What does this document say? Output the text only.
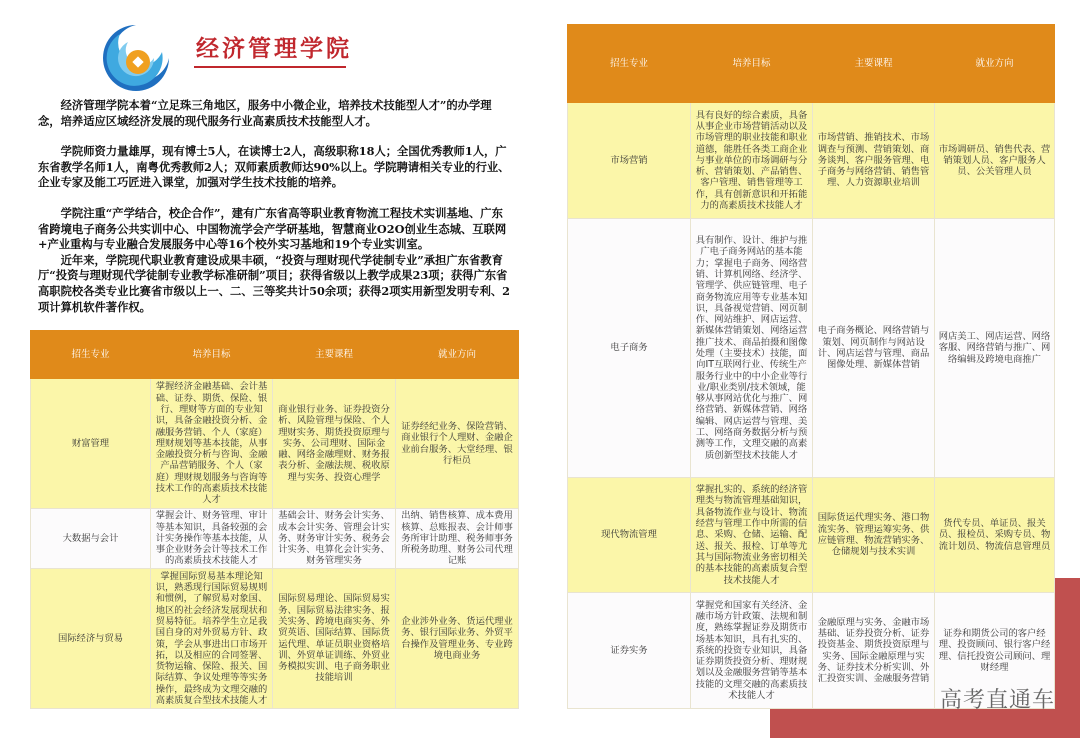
经济管理学院

经济管理学院本着“立足珠三角地区，服务中小微企业，培养技术技能型人才”的办学理念，培养适应区域经济发展的现代服务行业高素质技术技能型人才。

学院师资力量雄厚，现有博士5人，在读博士2人，高级职称18人；全国优秀教师1人，广东省教学名师1人，南粤优秀教师2人；双师素质教师达90%以上。学院聘请相关专业的行业、企业专家及能工巧匠进入课堂，加强对学生技术技能的培养。

学院注重“产学结合，校企合作”，建有广东省高等职业教育物流工程技术实训基地、广东省跨境电子商务公共实训中心、中国物流学会产学研基地，智慧商业O2O创业生态城、互联网+产业重构与专业融合发展服务中心等16个校外实习基地和19个专业实训室。

近年来，学院现代职业教育建设成果丰硕，“投资与理财现代学徒制专业”承担广东省教育厅“投资与理财现代学徒制专业教学标准研制”项目；获得省级以上教学成果23项；获得广东省高职院校各类专业比赛省市级以上一、二、三等奖共计50余项；获得2项实用新型发明专利、2项计算机软件著作权。

招生专业	培养目标	主要课程	就业方向
财富管理	掌握经济金融基础、会计基础、证券、期货、保险、银行、理财等方面的专业知识，具备金融投资分析、金融服务营销、个人（家庭）理财规划等基本技能，从事金融投资分析与咨询、金融产品营销服务、个人（家庭）理财规划服务与咨询等技术工作的高素质技术技能人才	商业银行业务、证券投资分析、风险管理与保险、个人理财实务、期货投资原理与实务、公司理财、国际金融、网络金融理财、财务报表分析、金融法规、税收原理与实务、投资心理学	证券经纪业务、保险营销、商业银行个人理财、金融企业前台服务、大堂经理、银行柜员
大数据与会计	掌握会计、财务管理、审计等基本知识，具备较强的会计实务操作等基本技能，从事企业财务会计等技术工作的高素质技术技能人才	基础会计、财务会计实务、成本会计实务、管理会计实务、财务审计实务、税务会计实务、电算化会计实务、财务管理实务	出纳、销售核算、成本费用核算、总账报表、会计师事务所审计助理、税务师事务所税务助理、财务公司代理记账
国际经济与贸易	掌握国际贸易基本理论知识，熟悉现行国际贸易规则和惯例，了解贸易对象国、地区的社会经济发展现状和贸易特征。培养学生立足我国自身的对外贸易方针、政策，学会从事进出口市场开拓，以及相应的合同签署、货物运输、保险、报关、国际结算、争议处理等等实务操作，最终成为文理交融的高素质复合型技术技能人才	国际贸易理论、国际贸易实务、国际贸易法律实务、报关实务、跨境电商实务、外贸英语、国际结算、国际货运代理、单证员职业资格培训、外贸单证训练、外贸业务模拟实训、电子商务职业技能培训	企业涉外业务、货运代理业务、银行国际业务、外贸平台操作及管理业务、专业跨境电商业务
招生专业	培养目标	主要课程	就业方向
市场营销	具有良好的综合素质，具备从事企业市场营销活动以及市场管理的职业技能和职业道德，能胜任各类工商企业与事业单位的市场调研与分析、营销策划、产品销售、客户管理、销售管理等工作，具有创新意识和开拓能力的高素质技术技能人才	市场营销、推销技术、市场调查与预测、营销策划、商务谈判、客户服务管理、电子商务与网络营销、销售管理、人力资源职业培训	市场调研员、销售代表、营销策划人员、客户服务人员、公关管理人员
电子商务	具有制作、设计、维护与推广电子商务网站的基本能力；掌握电子商务、网络营销、计算机网络、经济学、管理学、供应链管理、电子商务物流应用等专业基本知识，具备视觉营销、网页制作、网站维护、网店运营、新媒体营销策划、网络运营推广技术、商品拍摄和图像处理（主要技术）技能，面向IT互联网行业、传统生产服务行业中的中小企业等行业/职业类别/技术领域，能够从事网站优化与推广、网络营销、新媒体营销、网络编辑、网店运营与管理、美工、网络商务数据分析与预测等工作，文理交融的高素质创新型技术技能人才	电子商务概论、网络营销与策划、网页制作与网站设计、网店运营与管理、商品图像处理、新媒体营销	网店美工、网店运营、网络客服、网络营销与推广、网络编辑及跨境电商推广
现代物流管理	掌握扎实的、系统的经济管理类与物流管理基础知识，具备物流作业与设计、物流经营与管理工作中所需的信息、采购、仓储、运输、配送、报关、报检、订单等尤其与国际物流业务密切相关的基本技能的高素质复合型技术技能人才	国际货运代理实务、港口物流实务、管理运筹实务、供应链管理、物流营销实务、仓储规划与技术实训	货代专员、单证员、报关员、报检员、采购专员、物流计划员、物流信息管理员
证券实务	掌握党和国家有关经济、金融市场方针政策、法规和制度，熟练掌握证券及期货市场基本知识，具有扎实的、系统的投资专业知识，具备证券期货投资分析、理财规划以及金融服务营销等基本技能的文理交融的高素质技术技能人才	金融原理与实务、金融市场基础、证券投资分析、证券投资基金、期货投资原理与实务、国际金融原理与实务、证券技术分析实训、外汇投资实训、金融服务营销	证券和期货公司的客户经理、投资顾问、银行客户经理、信托投资公司顾问、理财经理
高考直通车
